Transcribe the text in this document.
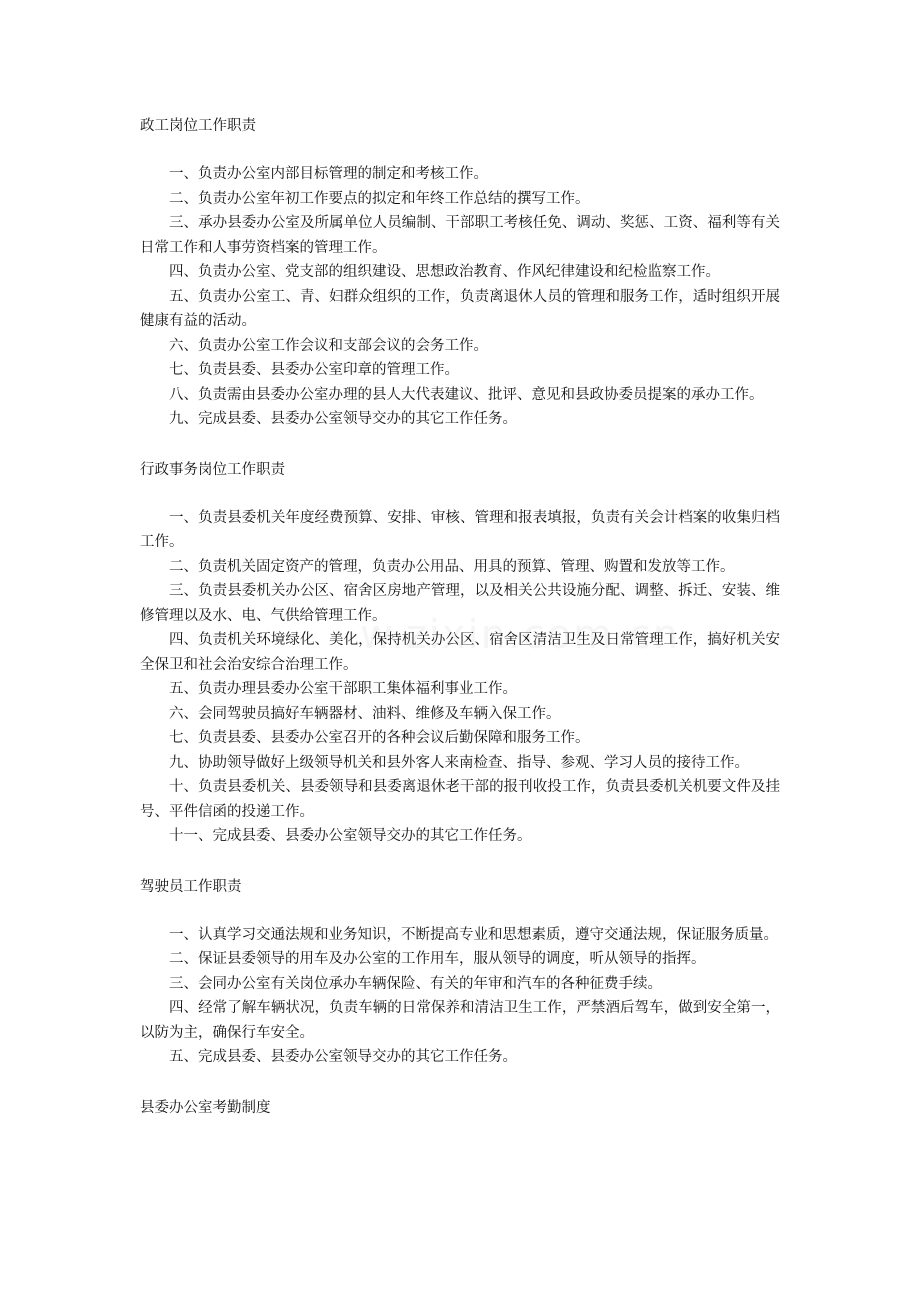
政工岗位工作职责

一、负责办公室内部目标管理的制定和考核工作。

二、负责办公室年初工作要点的拟定和年终工作总结的撰写工作。

三、承办县委办公室及所属单位人员编制、干部职工考核任免、调动、奖惩、工资、福利等有关日常工作和人事劳资档案的管理工作。

四、负责办公室、党支部的组织建设、思想政治教育、作风纪律建设和纪检监察工作。

五、负责办公室工、青、妇群众组织的工作，负责离退休人员的管理和服务工作，适时组织开展健康有益的活动。

六、负责办公室工作会议和支部会议的会务工作。

七、负责县委、县委办公室印章的管理工作。

八、负责需由县委办公室办理的县人大代表建议、批评、意见和县政协委员提案的承办工作。

九、完成县委、县委办公室领导交办的其它工作任务。

行政事务岗位工作职责

一、负责县委机关年度经费预算、安排、审核、管理和报表填报，负责有关会计档案的收集归档工作。

二、负责机关固定资产的管理，负责办公用品、用具的预算、管理、购置和发放等工作。

三、负责县委机关办公区、宿舍区房地产管理，以及相关公共设施分配、调整、拆迁、安装、维修管理以及水、电、气供给管理工作。

四、负责机关环境绿化、美化，保持机关办公区、宿舍区清洁卫生及日常管理工作，搞好机关安全保卫和社会治安综合治理工作。

五、负责办理县委办公室干部职工集体福利事业工作。

六、会同驾驶员搞好车辆器材、油料、维修及车辆入保工作。

七、负责县委、县委办公室召开的各种会议后勤保障和服务工作。

九、协助领导做好上级领导机关和县外客人来南检查、指导、参观、学习人员的接待工作。

十、负责县委机关、县委领导和县委离退休老干部的报刊收投工作，负责县委机关机要文件及挂号、平件信函的投递工作。

十一、完成县委、县委办公室领导交办的其它工作任务。

驾驶员工作职责

一、认真学习交通法规和业务知识，不断提高专业和思想素质，遵守交通法规，保证服务质量。

二、保证县委领导的用车及办公室的工作用车，服从领导的调度，听从领导的指挥。

三、会同办公室有关岗位承办车辆保险、有关的年审和汽车的各种征费手续。

四、经常了解车辆状况，负责车辆的日常保养和清洁卫生工作，严禁酒后驾车，做到安全第一，以防为主，确保行车安全。

五、完成县委、县委办公室领导交办的其它工作任务。

县委办公室考勤制度
